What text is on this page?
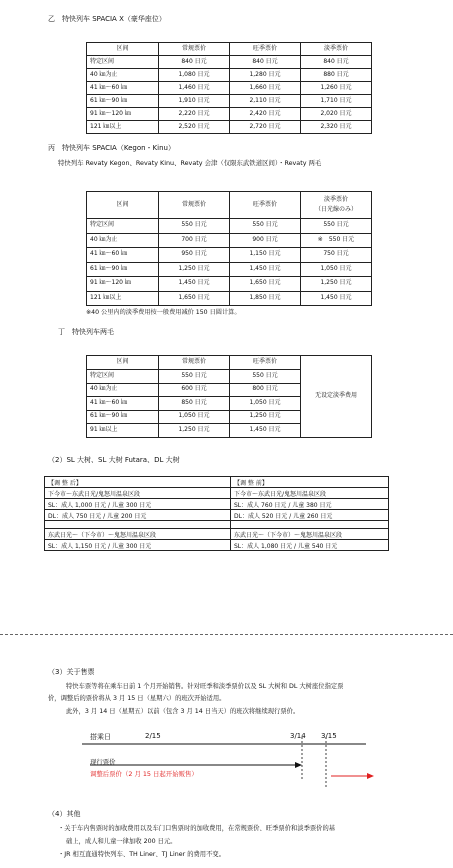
乙　特快列车 SPACIA X（豪华座位）
区间	常规票价	旺季票价	淡季票价
特定区间	840 日元	840 日元	840 日元
40 ㎞为止	1,080 日元	1,280 日元	880 日元
41 ㎞～60 ㎞	1,460 日元	1,660 日元	1,260 日元
61 ㎞～90 ㎞	1,910 日元	2,110 日元	1,710 日元
91 ㎞～120 ㎞	2,220 日元	2,420 日元	2,020 日元
121 ㎞以上	2,520 日元	2,720 日元	2,320 日元
丙　特快列车 SPACIA（Kegon・Kinu）
特快列车 Revaty Kegon、Revaty Kinu、Revaty 会津（仅限东武铁道区间）・Revaty 两毛
区间	常规票价	旺季票价	淡季票价
（日光線のみ）

特定区间	550 日元	550 日元	550 日元
40 ㎞为止	700 日元	900 日元	※　550 日元
41 ㎞～60 ㎞	950 日元	1,150 日元	750 日元
61 ㎞～90 ㎞	1,250 日元	1,450 日元	1,050 日元
91 ㎞～120 ㎞	1,450 日元	1,650 日元	1,250 日元
121 ㎞以上	1,650 日元	1,850 日元	1,450 日元
※40 公里内的淡季费用按一般费用减价 150 日圆计算。
丁　特快列车两毛
区间	常规票价	旺季票价	无设定淡季费用
特定区间	550 日元	550 日元	
40 ㎞为止	600 日元	800 日元	
41 ㎞～60 ㎞	850 日元	1,050 日元	
61 ㎞～90 ㎞	1,050 日元	1,250 日元	
91 ㎞以上	1,250 日元	1,450 日元	
（2）SL 大树、SL 大树 Futara、DL 大树
【调 整 后】	【调 整 前】
下今市～东武日光/鬼怒川温泉区段	下今市～东武日光/鬼怒川温泉区段
SL：成人 1,000 日元 / 儿童 300 日元	SL：成人 760 日元 / 儿童 380 日元
DL：成人 750 日元 / 儿童 200 日元	DL：成人 520 日元 / 儿童 260 日元

东武日光～（下今市）～鬼怒川温泉区段	东武日光～（下今市）～鬼怒川温泉区段
SL：成人 1,150 日元 / 儿童 300 日元	SL：成人 1,080 日元 / 儿童 540 日元
（3）关于售票
特快车票等将在乘车日前 1 个月开始销售。针对旺季和淡季票价以及 SL 大树和 DL 大树座位指定票
价，调整后的票价将从 3 月 15 日（星期六）的班次开始适用。
此外，3 月 14 日（星期五）以前（包含 3 月 14 日当天）的班次将继续现行票价。
搭乘日	2/15	3/14 3/15
现行票价
调整后票价（2 月 15 日起开始贩售）
（4）其他
・关于车内售票时的加收费用以及车门口售票时的加收费用，在常规票价、旺季票价和淡季票价的基
础上，成人和儿童一律加收 200 日元。
・JR 相互直通特快列车、TH Liner、TJ Liner 的费用不变。
